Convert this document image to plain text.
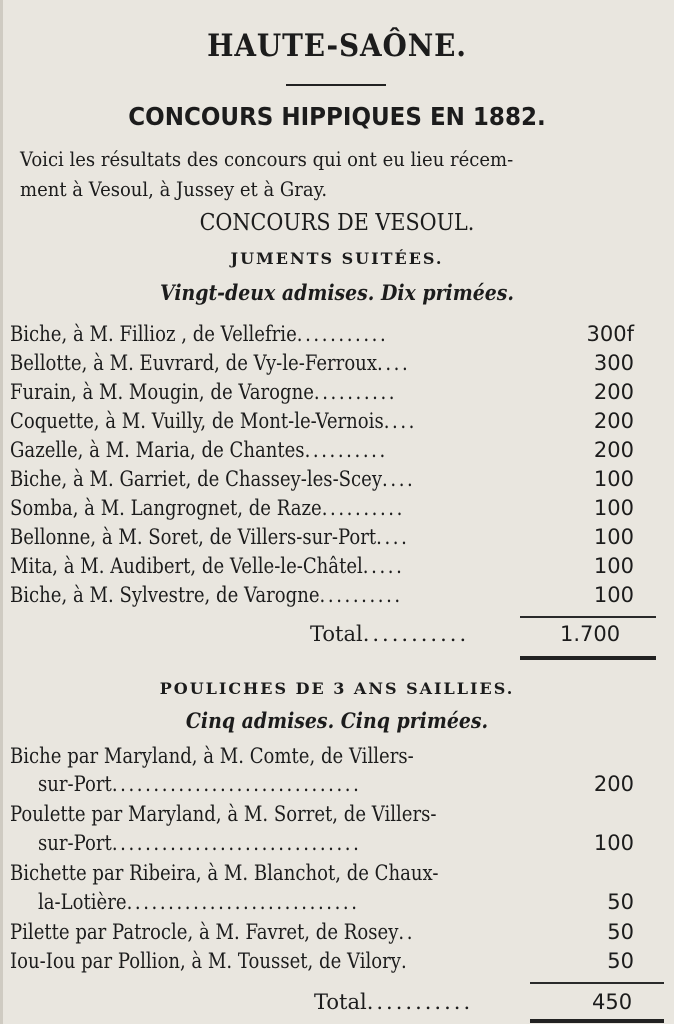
HAUTE-SAÔNE.
CONCOURS HIPPIQUES EN 1882.
Voici les résultats des concours qui ont eu lieu récem-
ment à Vesoul, à Jussey et à Gray.
CONCOURS DE VESOUL.
JUMENTS SUITÉES.
Vingt-deux admises. Dix primées.
Biche, à M. Fillioz , de Vellefrie...........	300f
Bellotte, à M. Euvrard, de Vy-le-Ferroux....	300
Furain, à M. Mougin, de Varogne..........	200
Coquette, à M. Vuilly, de Mont-le-Vernois....	200
Gazelle, à M. Maria, de Chantes..........	200
Biche, à M. Garriet, de Chassey-les-Scey....	100
Somba, à M. Langrognet, de Raze..........	100
Bellonne, à M. Soret, de Villers-sur-Port....	100
Mita, à M. Audibert, de Velle-le-Châtel.....	100
Biche, à M. Sylvestre, de Varogne..........	100
Total...........	1.700
POULICHES DE 3 ANS SAILLIES.
Cinq admises. Cinq primées.
Biche par Maryland, à M. Comte, de Villers-
sur-Port..............................	200
Poulette par Maryland, à M. Sorret, de Villers-
sur-Port..............................	100
Bichette par Ribeira, à M. Blanchot, de Chaux-
la-Lotière............................	50
Pilette par Patrocle, à M. Favret, de Rosey..	50
Iou-Iou par Pollion, à M. Tousset, de Vilory.	50
Total...........	450
